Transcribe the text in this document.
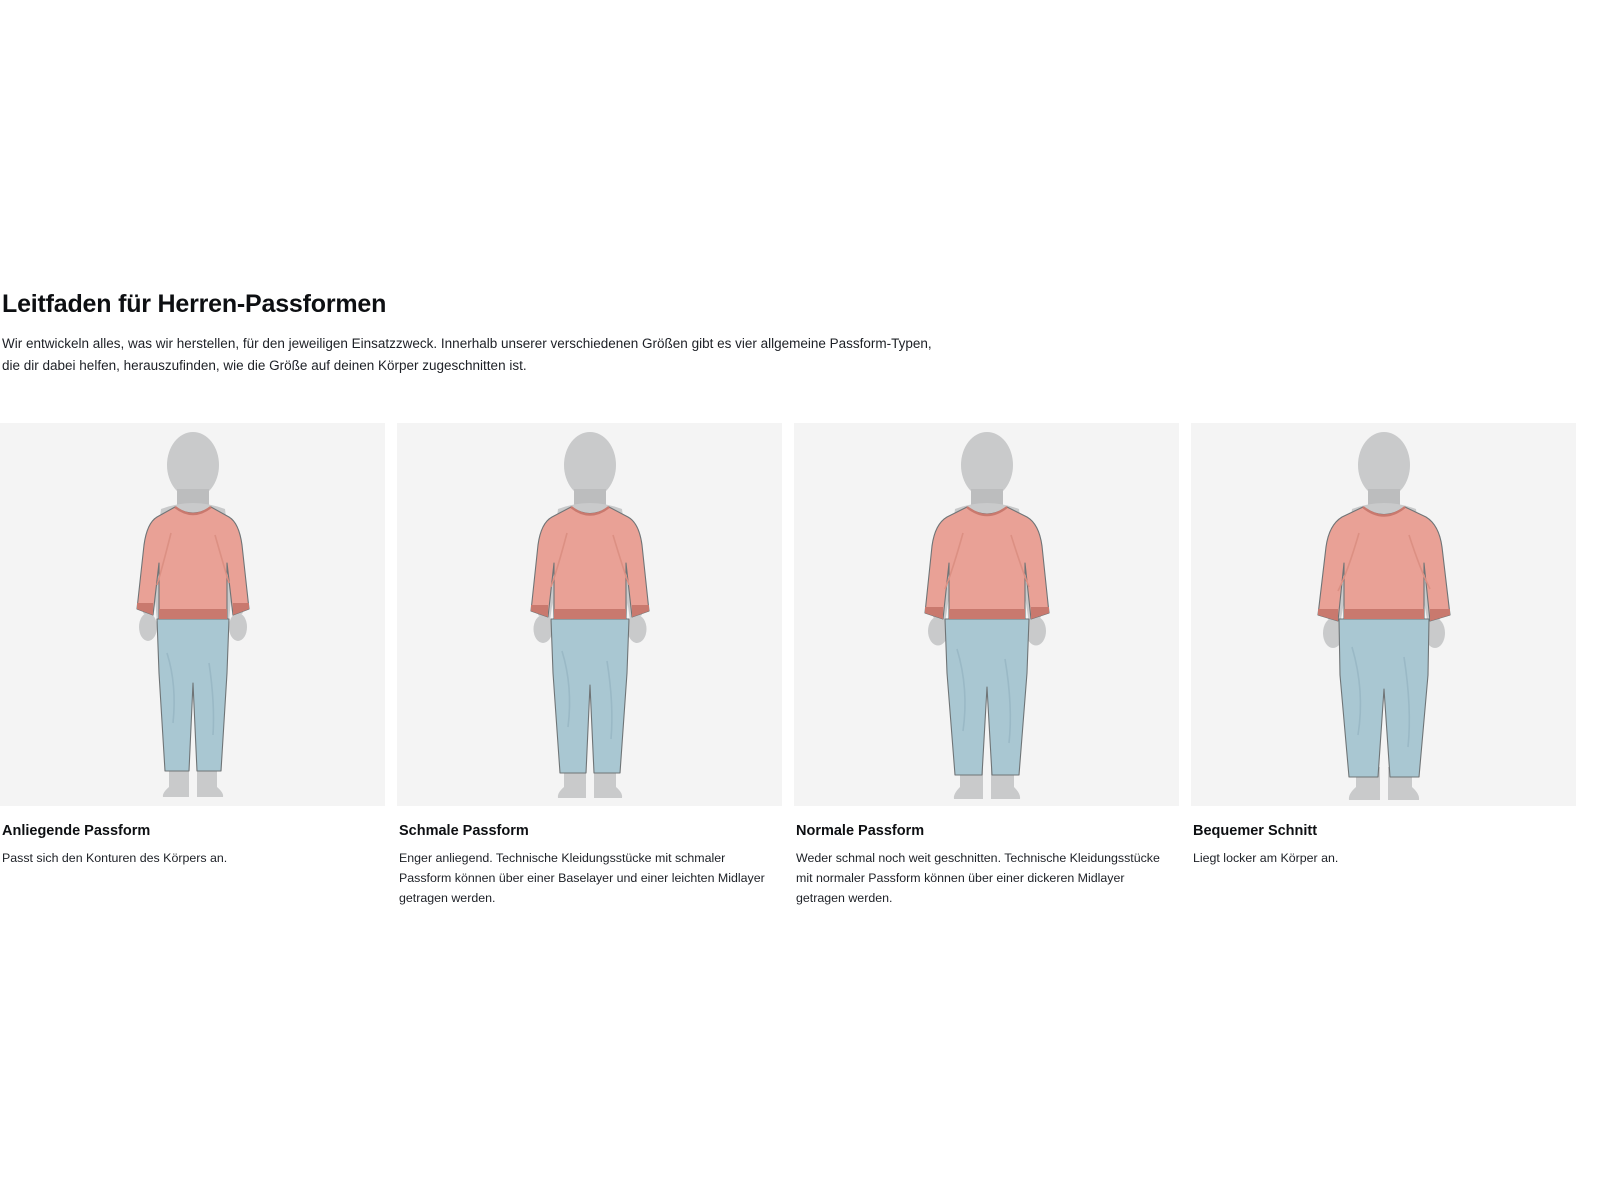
Leitfaden für Herren-Passformen

Wir entwickeln alles, was wir herstellen, für den jeweiligen Einsatzzweck. Innerhalb unserer verschiedenen Größen gibt es vier allgemeine Passform-Typen, die dir dabei helfen, herauszufinden, wie die Größe auf deinen Körper zugeschnitten ist.

Anliegende Passform
Passt sich den Konturen des Körpers an.
Schmale Passform
Enger anliegend. Technische Kleidungsstücke mit schmaler Passform können über einer Baselayer und einer leichten Midlayer getragen werden.
Normale Passform
Weder schmal noch weit geschnitten. Technische Kleidungsstücke mit normaler Passform können über einer dickeren Midlayer getragen werden.
Bequemer Schnitt
Liegt locker am Körper an.
